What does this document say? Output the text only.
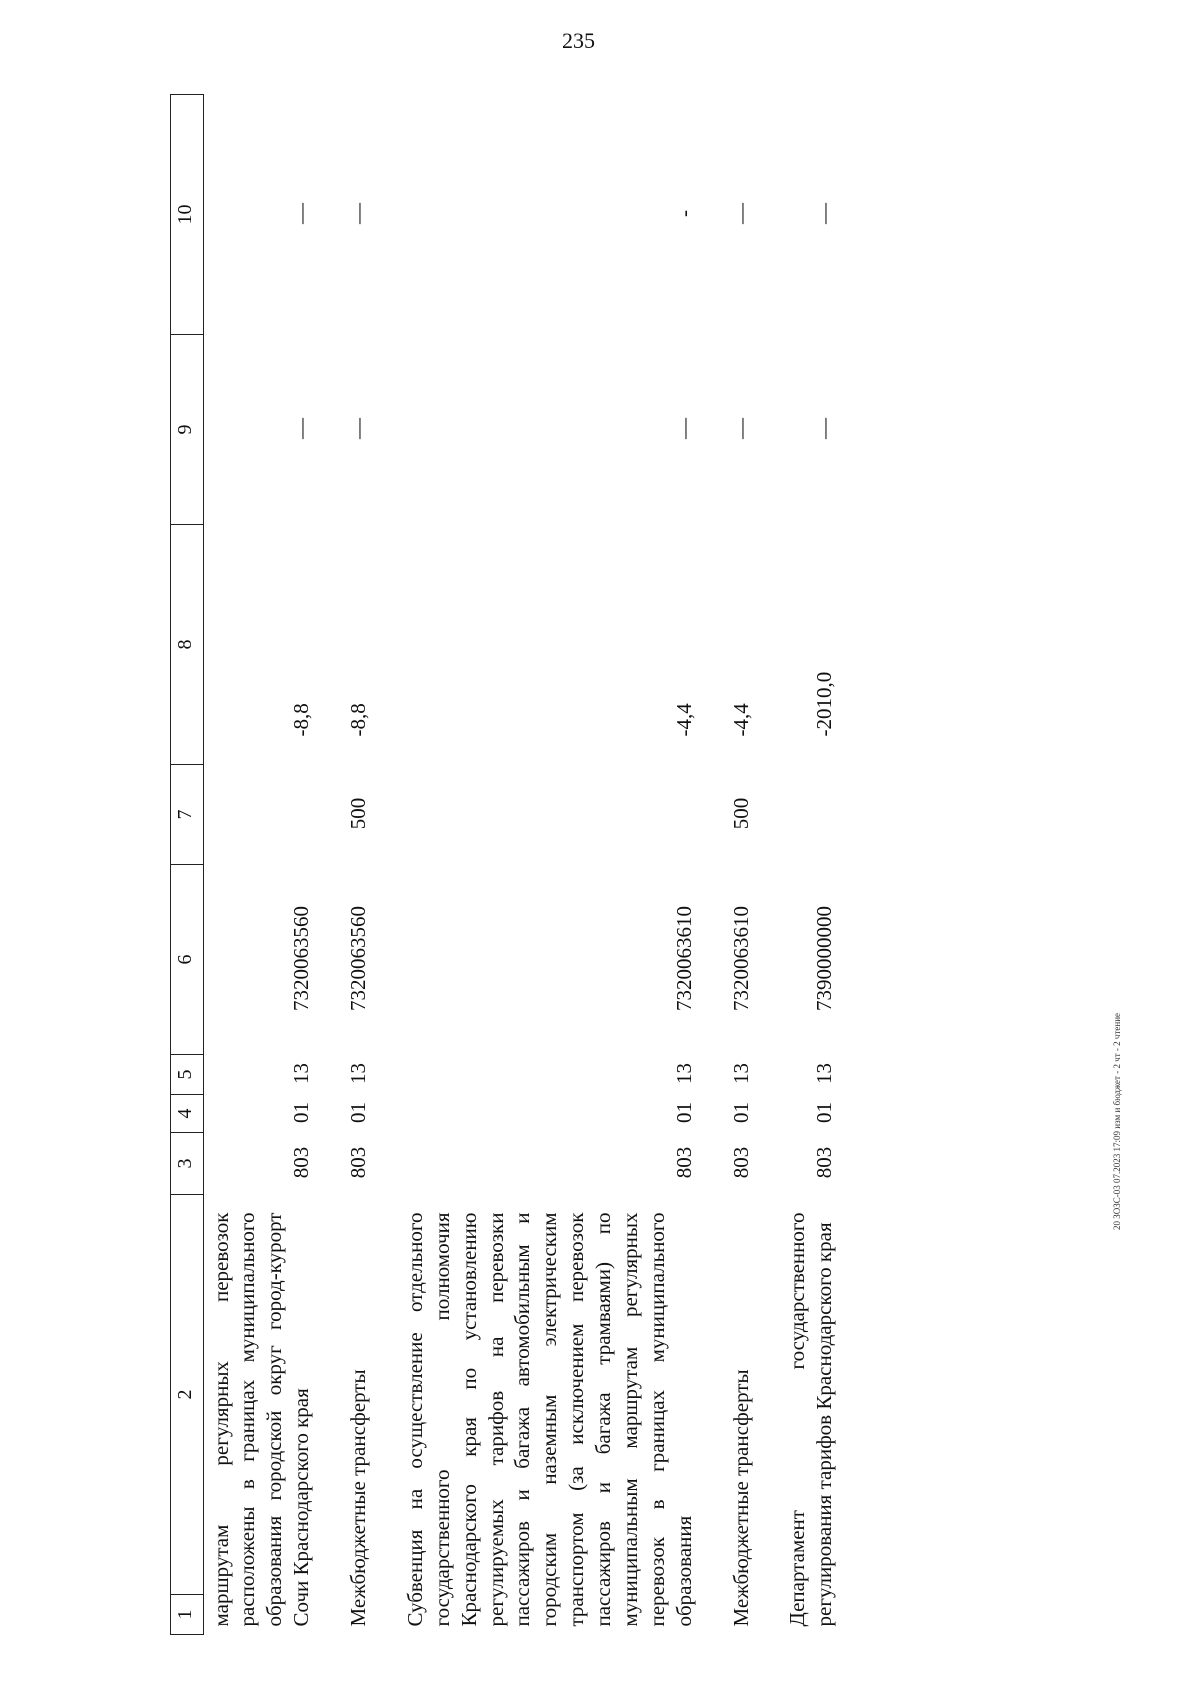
235
1	2	3	4	5	6	7	8	9	10
маршрутам регулярных перевозок расположены в границах муниципального образования городской округ город-курорт Сочи Краснодарского края		803	01	13	7320063560		-8,8	—	—
Межбюджетные трансферты		803	01	13	7320063560	500	-8,8	—	—
Субвенция на осуществление отдельного государственного полномочия Краснодарского края по установлению регулируемых тарифов на перевозки пассажиров и багажа автомобильным и городским наземным электрическим транспортом (за исключением перевозок пассажиров и багажа трамваями) по муниципальным маршрутам регулярных перевозок в границах муниципального образования		803	01	13	7320063610		-4,4	—	-
Межбюджетные трансферты		803	01	13	7320063610	500	-4,4	—	—
Департамент государственного регулирования тарифов Краснодарского края		803	01	13	7390000000		-2010,0	—	—
20 ЗОЗС-03 07.2023 17:09 изм и бюджет - 2 чт - 2 чтение
